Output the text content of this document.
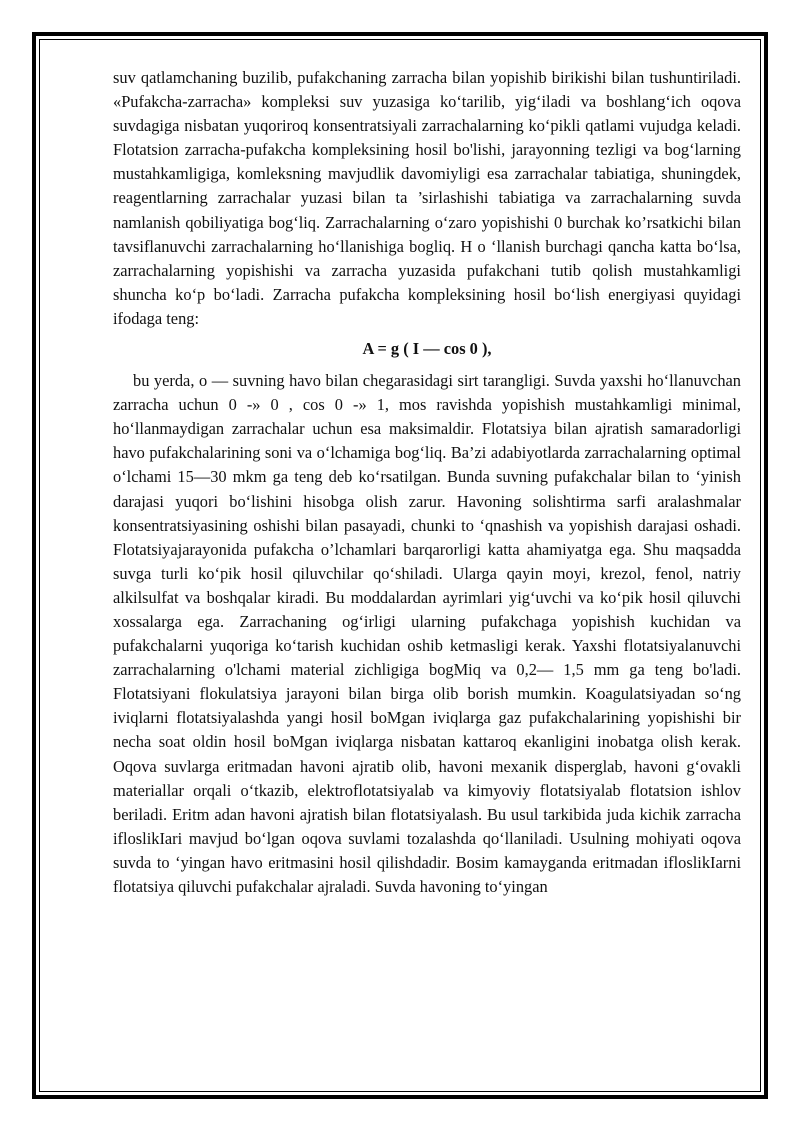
suv qatlamchaning buzilib, pufakchaning zarracha bilan yopishib birikishi bilan tushuntiriladi. «Pufakcha-zarracha» kompleksi suv yuzasiga ko‘tarilib, yig‘iladi va boshlang‘ich oqova suvdagiga nisbatan yuqoriroq konsentratsiyali zarrachalarning ko‘pikli qatlami vujudga keladi. Flotatsion zarracha-pufakcha kompleksining hosil bo'lishi, jarayonning tezligi va bog‘larning mustahkamligiga, komleksning mavjudlik davomiyligi esa zarrachalar tabiatiga, shuningdek, reagentlarning zarrachalar yuzasi bilan ta ’sirlashishi tabiatiga va zarrachalarning suvda namlanish qobiliyatiga bog‘liq. Zarrachalarning o‘zaro yopishishi 0 burchak ko’rsatkichi bilan tavsiflanuvchi zarrachalarning ho‘llanishiga bogliq. H o ‘llanish burchagi qancha katta bo‘lsa, zarrachalarning yopishishi va zarracha yuzasida pufakchani tutib qolish mustahkamligi shuncha ko‘p bo‘ladi. Zarracha pufakcha kompleksining hosil bo‘lish energiyasi quyidagi ifodaga teng:

A = g ( I — cos 0 ),

bu yerda, o — suvning havo bilan chegarasidagi sirt tarangligi. Suvda yaxshi ho‘llanuvchan zarracha uchun 0 -» 0 , cos 0 -» 1, mos ravishda yopishish mustahkamligi minimal, ho‘llanmaydigan zarrachalar uchun esa maksimaldir. Flotatsiya bilan ajratish samaradorligi havo pufakchalarining soni va o‘lchamiga bog‘liq. Ba’zi adabiyotlarda zarrachalarning optimal o‘lchami 15—30 mkm ga teng deb ko‘rsatilgan. Bunda suvning pufakchalar bilan to ‘yinish darajasi yuqori bo‘lishini hisobga olish zarur. Havoning solishtirma sarfi aralashmalar konsentratsiyasining oshishi bilan pasayadi, chunki to ‘qnashish va yopishish darajasi oshadi. Flotatsiyajarayonida pufakcha o’lchamlari barqarorligi katta ahamiyatga ega. Shu maqsadda suvga turli ko‘pik hosil qiluvchilar qo‘shiladi. Ularga qayin moyi, krezol, fenol, natriy alkilsulfat va boshqalar kiradi. Bu moddalardan ayrimlari yig‘uvchi va ko‘pik hosil qiluvchi xossalarga ega. Zarrachaning og‘irligi ularning pufakchaga yopishish kuchidan va pufakchalarni yuqoriga ko‘tarish kuchidan oshib ketmasligi kerak. Yaxshi flotatsiyalanuvchi zarrachalarning o'lchami material zichligiga bogMiq va 0,2— 1,5 mm ga teng bo'ladi. Flotatsiyani flokulatsiya jarayoni bilan birga olib borish mumkin. Koagulatsiyadan so‘ng iviqlarni flotatsiyalashda yangi hosil boMgan iviqlarga gaz pufakchalarining yopishishi bir necha soat oldin hosil boMgan iviqlarga nisbatan kattaroq ekanligini inobatga olish kerak. Oqova suvlarga eritmadan havoni ajratib olib, havoni mexanik disperglab, havoni g‘ovakli materiallar orqali o‘tkazib, elektroflotatsiyalab va kimyoviy flotatsiyalab flotatsion ishlov beriladi. Eritm adan havoni ajratish bilan flotatsiyalash. Bu usul tarkibida juda kichik zarracha ifloslikIari mavjud bo‘lgan oqova suvlami tozalashda qo‘llaniladi. Usulning mohiyati oqova suvda to ‘yingan havo eritmasini hosil qilishdadir. Bosim kamayganda eritmadan ifloslikIarni flotatsiya qiluvchi pufakchalar ajraladi. Suvda havoning to‘yingan
